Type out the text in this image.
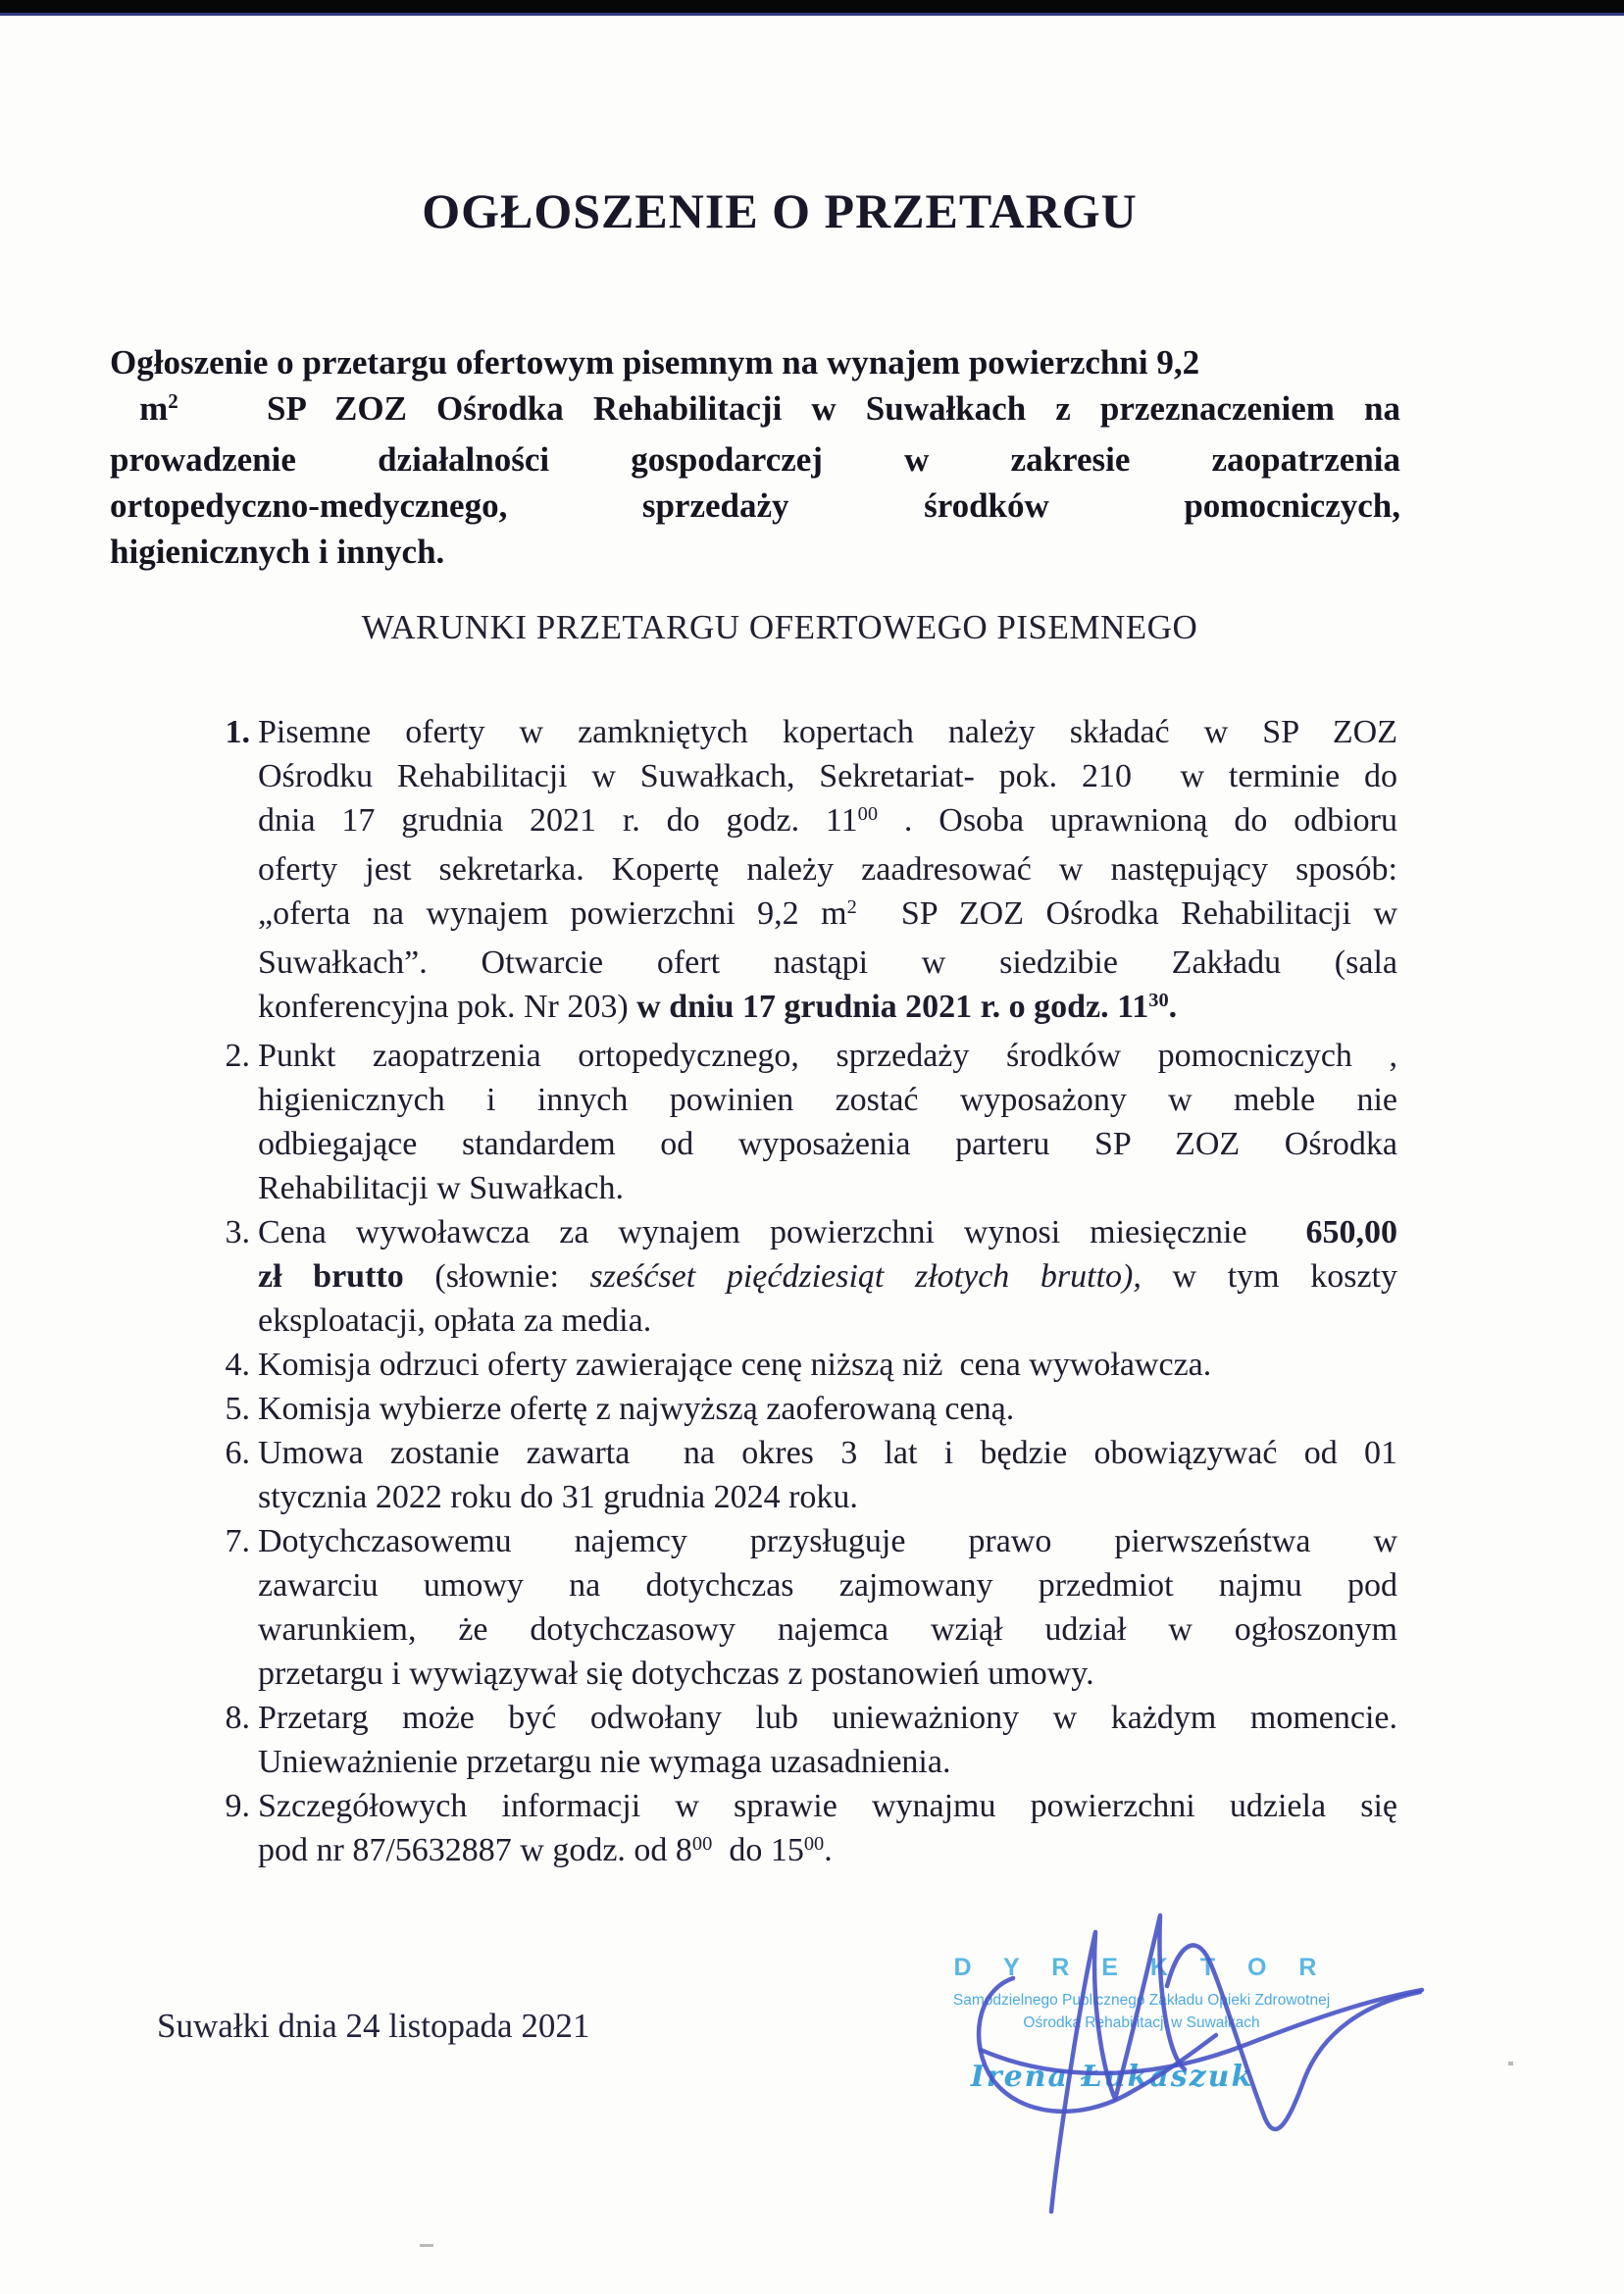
OGŁOSZENIE O PRZETARGU
Ogłoszenie o przetargu ofertowym pisemnym na wynajem powierzchni 9,2
$m^2$   SP ZOZ Ośrodka Rehabilitacji w Suwałkach z przeznaczeniem na
prowadzenie działalności gospodarczej w zakresie zaopatrzenia
ortopedyczno-medycznego, sprzedaży środków pomocniczych,
higienicznych i innych.
WARUNKI PRZETARGU OFERTOWEGO PISEMNEGO
1. Pisemne oferty w zamkniętych kopertach należy składać w SP ZOZ
Ośrodku Rehabilitacji w Suwałkach, Sekretariat- pok. 210  w terminie do
dnia 17 grudnia 2021 r. do godz. $11^{00}$ . Osoba uprawnioną do odbioru
oferty jest sekretarka. Kopertę należy zaadresować w następujący sposób:
„oferta na wynajem powierzchni 9,2 $m^2$  SP ZOZ Ośrodka Rehabilitacji w
Suwałkach”. Otwarcie ofert nastąpi w siedzibie Zakładu (sala
konferencyjna pok. Nr 203) w dniu 17 grudnia 2021 r. o godz. $11^{30}$.
2. Punkt zaopatrzenia ortopedycznego, sprzedaży środków pomocniczych ,
higienicznych i innych powinien zostać wyposażony w meble nie
odbiegające standardem od wyposażenia parteru SP ZOZ Ośrodka
Rehabilitacji w Suwałkach.
3. Cena wywoławcza za wynajem powierzchni wynosi miesięcznie  650,00
zł brutto (słownie: sześćset pięćdziesiąt złotych brutto), w tym koszty
eksploatacji, opłata za media.
4. Komisja odrzuci oferty zawierające cenę niższą niż  cena wywoławcza.
5. Komisja wybierze ofertę z najwyższą zaoferowaną ceną.
6. Umowa zostanie zawarta  na okres 3 lat i będzie obowiązywać od 01
stycznia 2022 roku do 31 grudnia 2024 roku.
7. Dotychczasowemu najemcy przysługuje prawo pierwszeństwa w
zawarciu umowy na dotychczas zajmowany przedmiot najmu pod
warunkiem, że dotychczasowy najemca wziął udział w ogłoszonym
przetargu i wywiązywał się dotychczas z postanowień umowy.
8. Przetarg może być odwołany lub unieważniony w każdym momencie.
Unieważnienie przetargu nie wymaga uzasadnienia.
9. Szczegółowych informacji w sprawie wynajmu powierzchni udziela się
pod nr 87/5632887 w godz. od $8^{00}$  do $15^{00}$.
Suwałki dnia 24 listopada 2021
D Y R E K T O R
Samodzielnego Publicznego Zakładu Opieki Zdrowotnej
Ośrodka Rehabilitacji w Suwałkach
Irena Łukaszuk
